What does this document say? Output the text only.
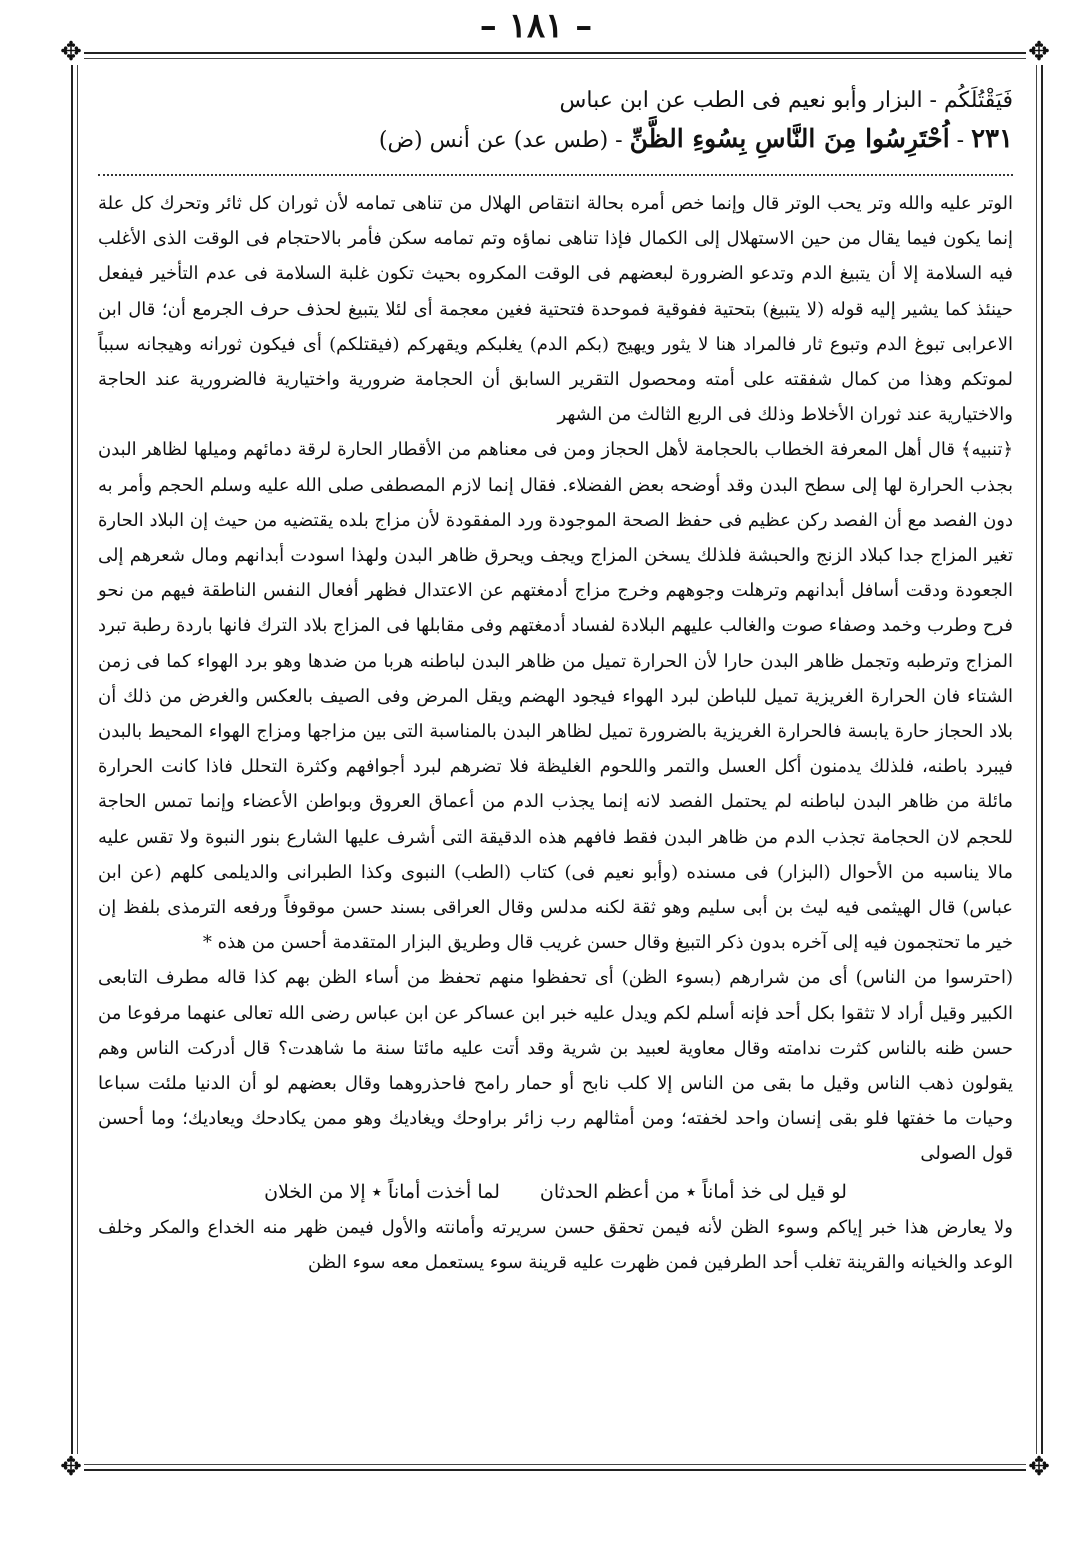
– ١٨١ –
✥	✥
✥	✥
فَيَقْتُلَكُم - البزار وأبو نعيم فى الطب عن ابن عباس
٢٣١ - اُحْتَرِسُوا مِنَ النَّاسِ بِسُوءِ الظَّنِّ - (طس عد) عن أنس (ض)

الوتر عليه والله وتر يحب الوتر قال وإنما خص أمره بحالة انتقاص الهلال من تناهى تمامه لأن ثوران كل ثائر وتحرك كل علة إنما يكون فيما يقال من حين الاستهلال إلى الكمال فإذا تناهى نماؤه وتم تمامه سكن فأمر بالاحتجام فى الوقت الذى الأغلب فيه السلامة إلا أن يتبيغ الدم وتدعو الضرورة لبعضهم فى الوقت المكروه بحيث تكون غلبة السلامة فى عدم التأخير فيفعل حينئذ كما يشير إليه قوله (لا يتبيغ) بتحتية ففوقية فموحدة فتحتية فغين معجمة أى لئلا يتبيغ لحذف حرف الجرمع أن؛ قال ابن الاعرابى تبوغ الدم وتبوع ثار فالمراد هنا لا يثور ويهيج (بكم الدم) يغلبكم ويقهركم (فيقتلكم) أى فيكون ثورانه وهيجانه سبباً لموتكم وهذا من كمال شفقته على أمته ومحصول التقرير السابق أن الحجامة ضرورية واختيارية فالضرورية عند الحاجة والاختيارية عند ثوران الأخلاط وذلك فى الربع الثالث من الشهر

﴿تنبيه﴾ قال أهل المعرفة الخطاب بالحجامة لأهل الحجاز ومن فى معناهم من الأقطار الحارة لرقة دمائهم وميلها لظاهر البدن بجذب الحرارة لها إلى سطح البدن وقد أوضحه بعض الفضلاء. فقال إنما لازم المصطفى صلى الله عليه وسلم الحجم وأمر به دون الفصد مع أن الفصد ركن عظيم فى حفظ الصحة الموجودة ورد المفقودة لأن مزاج بلده يقتضيه من حيث إن البلاد الحارة تغير المزاج جدا كبلاد الزنج والحبشة فلذلك يسخن المزاج ويجف ويحرق ظاهر البدن ولهذا اسودت أبدانهم ومال شعرهم إلى الجعودة ودقت أسافل أبدانهم وترهلت وجوههم وخرج مزاج أدمغتهم عن الاعتدال فظهر أفعال النفس الناطقة فيهم من نحو فرح وطرب وخمد وصفاء صوت والغالب عليهم البلادة لفساد أدمغتهم وفى مقابلها فى المزاج بلاد الترك فانها باردة رطبة تبرد المزاج وترطبه وتجمل ظاهر البدن حارا لأن الحرارة تميل من ظاهر البدن لباطنه هربا من ضدها وهو برد الهواء كما فى زمن الشتاء فان الحرارة الغريزية تميل للباطن لبرد الهواء فيجود الهضم ويقل المرض وفى الصيف بالعكس والغرض من ذلك أن بلاد الحجاز حارة يابسة فالحرارة الغريزية بالضرورة تميل لظاهر البدن بالمناسبة التى بين مزاجها ومزاج الهواء المحيط بالبدن فيبرد باطنه، فلذلك يدمنون أكل العسل والتمر واللحوم الغليظة فلا تضرهم لبرد أجوافهم وكثرة التحلل فاذا كانت الحرارة مائلة من ظاهر البدن لباطنه لم يحتمل الفصد لانه إنما يجذب الدم من أعماق العروق وبواطن الأعضاء وإنما تمس الحاجة للحجم لان الحجامة تجذب الدم من ظاهر البدن فقط فافهم هذه الدقيقة التى أشرف عليها الشارع بنور النبوة ولا تقس عليه مالا يناسبه من الأحوال (البزار) فى مسنده (وأبو نعيم فى) كتاب (الطب) النبوى وكذا الطبرانى والديلمى كلهم (عن ابن عباس) قال الهيثمى فيه ليث بن أبى سليم وهو ثقة لكنه مدلس وقال العراقى بسند حسن موقوفاً ورفعه الترمذى بلفظ إن خير ما تحتجمون فيه إلى آخره بدون ذكر التبيغ وقال حسن غريب قال وطريق البزار المتقدمة أحسن من هذه *

(احترسوا من الناس) أى من شرارهم (بسوء الظن) أى تحفظوا منهم تحفظ من أساء الظن بهم كذا قاله مطرف التابعى الكبير وقيل أراد لا تثقوا بكل أحد فإنه أسلم لكم ويدل عليه خبر ابن عساكر عن ابن عباس رضى الله تعالى عنهما مرفوعا من حسن ظنه بالناس كثرت ندامته وقال معاوية لعبيد بن شرية وقد أتت عليه مائتا سنة ما شاهدت؟ قال أدركت الناس وهم يقولون ذهب الناس وقيل ما بقى من الناس إلا كلب نابح أو حمار رامح فاحذروهما وقال بعضهم لو أن الدنيا ملئت سباعا وحيات ما خفتها فلو بقى إنسان واحد لخفته؛ ومن أمثالهم رب زائر براوحك ويغاديك وهو ممن يكادحك ويعاديك؛ وما أحسن قول الصولى

لو قيل لى خذ أماناً ٭ من أعظم الحدثان
لما أخذت أماناً ٭ إلا من الخلان

ولا يعارض هذا خبر إياكم وسوء الظن لأنه فيمن تحقق حسن سريرته وأمانته والأول فيمن ظهر منه الخداع والمكر وخلف الوعد والخيانه والقرينة تغلب أحد الطرفين فمن ظهرت عليه قرينة سوء يستعمل معه سوء الظن
